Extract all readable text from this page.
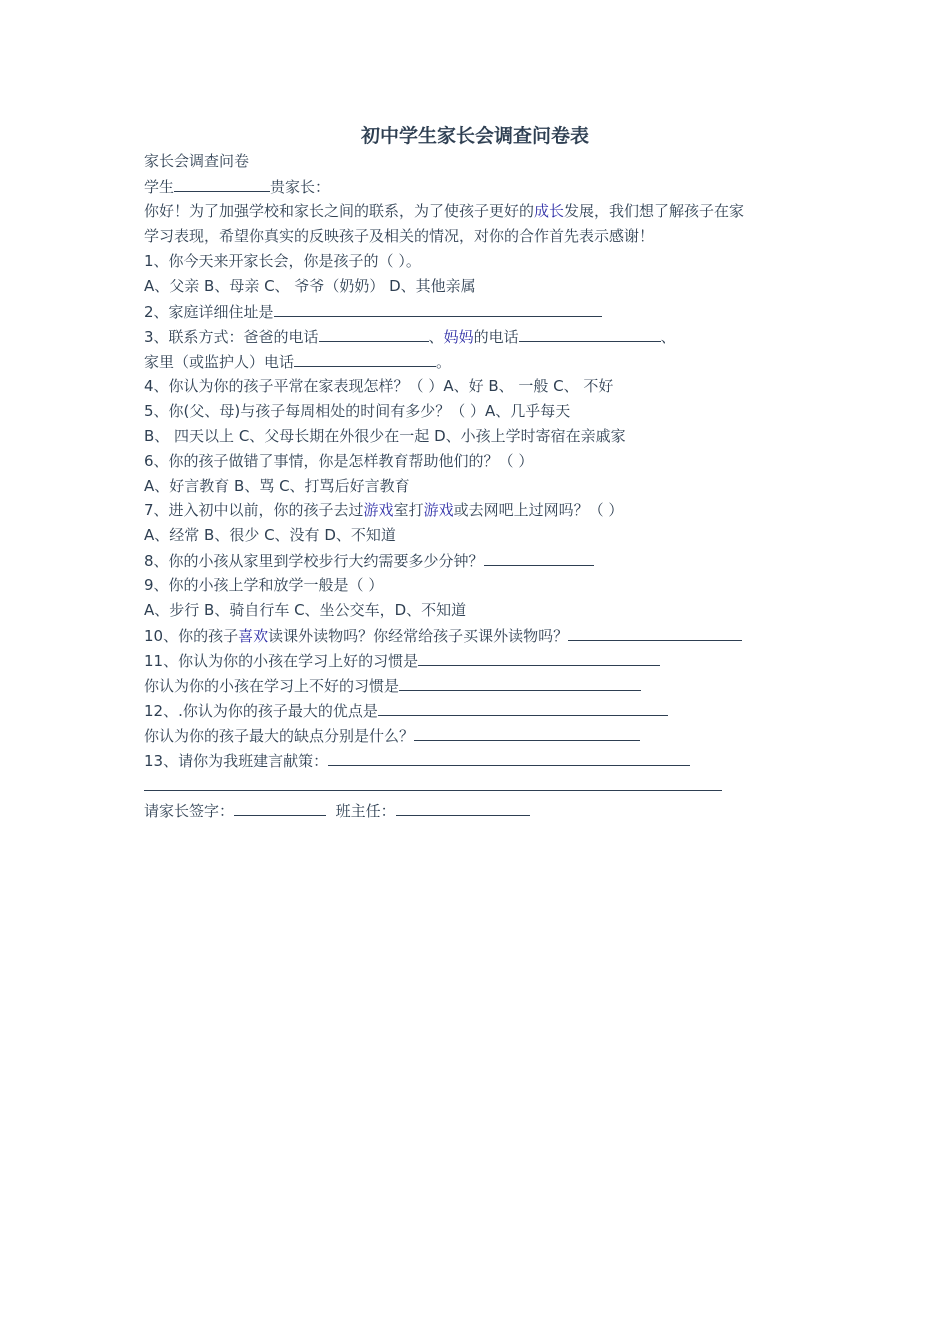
初中学生家长会调查问卷表
家长会调查问卷
学生	贵家长：
你好！为了加强学校和家长之间的联系，为了使孩子更好的成长发展，我们想了解孩子在家
学习表现，希望你真实的反映孩子及相关的情况，对你的合作首先表示感谢！
1、你今天来开家长会，你是孩子的（ ）。
A、父亲 B、母亲 C、 爷爷（奶奶） D、其他亲属
2、家庭详细住址是
3、联系方式：爸爸的电话	、妈妈的电话	、
家里（或监护人）电话	。
4、你认为你的孩子平常在家表现怎样？（ ）A、好 B、 一般 C、 不好
5、你(父、母)与孩子每周相处的时间有多少？（ ）A、几乎每天
B、 四天以上 C、父母长期在外很少在一起 D、小孩上学时寄宿在亲戚家
6、你的孩子做错了事情，你是怎样教育帮助他们的？（ ）
A、好言教育 B、骂 C、打骂后好言教育
7、进入初中以前，你的孩子去过游戏室打游戏或去网吧上过网吗？（ ）
A、经常 B、很少 C、没有 D、不知道
8、你的小孩从家里到学校步行大约需要多少分钟？
9、你的小孩上学和放学一般是（ ）
A、步行 B、骑自行车 C、坐公交车，D、不知道
10、你的孩子喜欢读课外读物吗？你经常给孩子买课外读物吗？
11、你认为你的小孩在学习上好的习惯是
你认为你的小孩在学习上不好的习惯是
12、.你认为你的孩子最大的优点是
你认为你的孩子最大的缺点分别是什么？
13、请你为我班建言献策：
请家长签字：	班主任：
